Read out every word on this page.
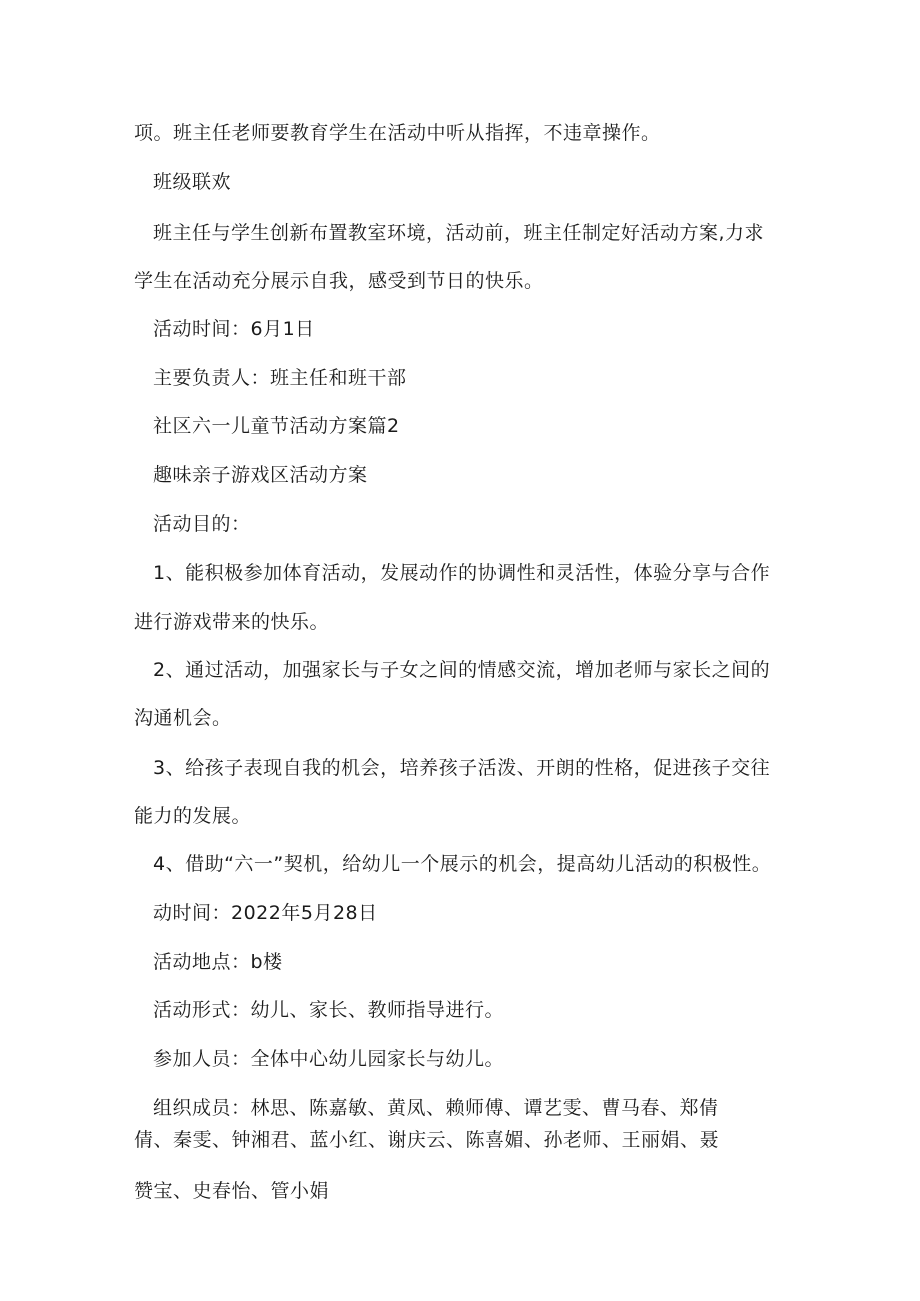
项。班主任老师要教育学生在活动中听从指挥，不违章操作。
班级联欢
班主任与学生创新布置教室环境，活动前，班主任制定好活动方案,力求
学生在活动充分展示自我，感受到节日的快乐。
活动时间：6月1日
主要负责人：班主任和班干部
社区六一儿童节活动方案篇2
趣味亲子游戏区活动方案
活动目的：
1、能积极参加体育活动，发展动作的协调性和灵活性，体验分享与合作
进行游戏带来的快乐。
2、通过活动，加强家长与子女之间的情感交流，增加老师与家长之间的
沟通机会。
3、给孩子表现自我的机会，培养孩子活泼、开朗的性格，促进孩子交往
能力的发展。
4、借助“六一”契机，给幼儿一个展示的机会，提高幼儿活动的积极性。
动时间：2022年5月28日
活动地点：b楼
活动形式：幼儿、家长、教师指导进行。
参加人员：全体中心幼儿园家长与幼儿。
组织成员：林思、陈嘉敏、黄凤、赖师傅、谭艺雯、曹马春、郑倩
倩、秦雯、钟湘君、蓝小红、谢庆云、陈喜媚、孙老师、王丽娟、聂
赞宝、史春怡、管小娟
